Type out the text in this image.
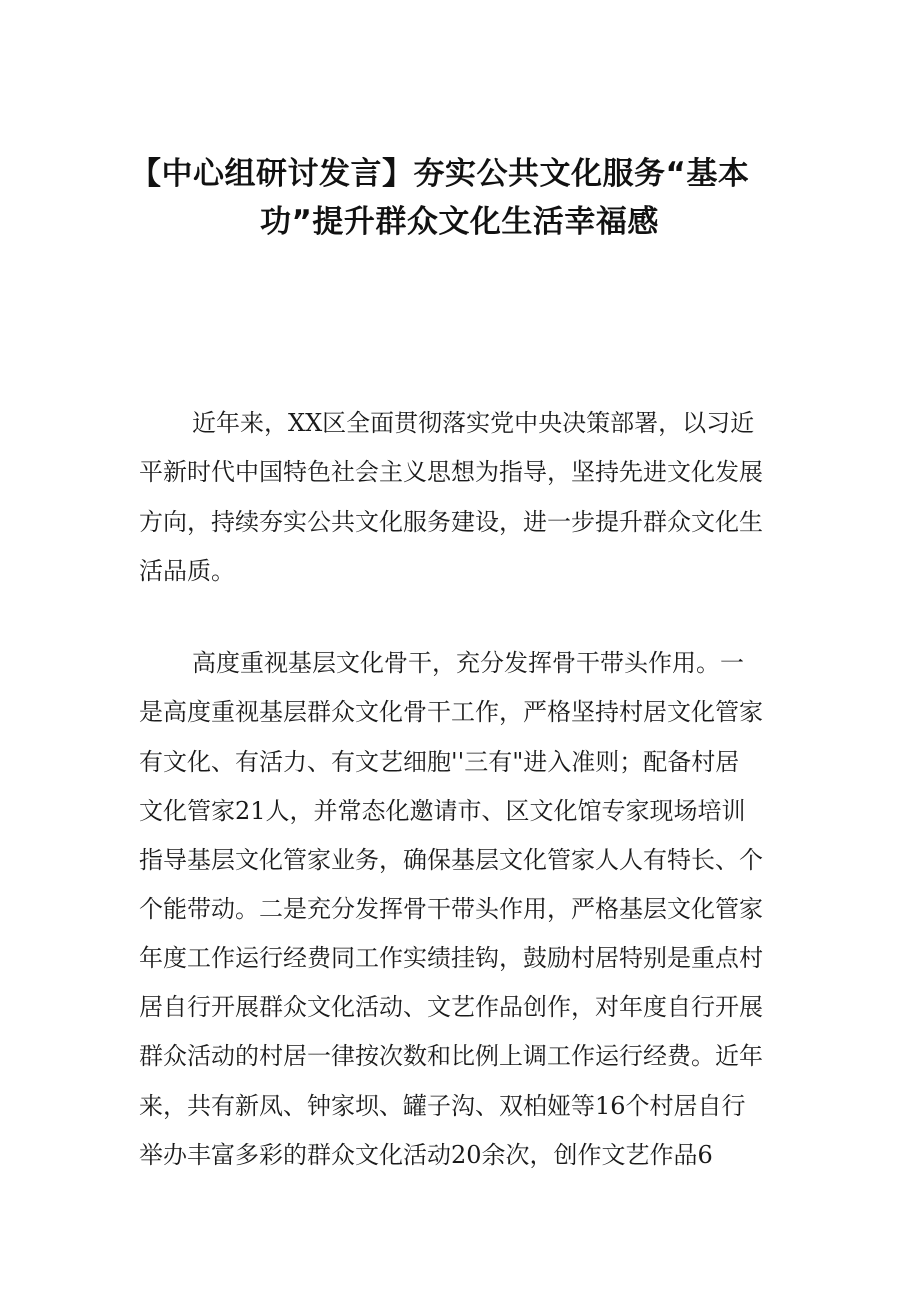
【中心组研讨发言】夯实公共文化服务“基本
功”提升群众文化生活幸福感

近年来，XX区全面贯彻落实党中央决策部署，以习近

平新时代中国特色社会主义思想为指导，坚持先进文化发展

方向，持续夯实公共文化服务建设，进一步提升群众文化生

活品质。

高度重视基层文化骨干，充分发挥骨干带头作用。一

是高度重视基层群众文化骨干工作，严格坚持村居文化管家

有文化、有活力、有文艺细胞''三有"进入准则；配备村居

文化管家21人，并常态化邀请市、区文化馆专家现场培训

指导基层文化管家业务，确保基层文化管家人人有特长、个

个能带动。二是充分发挥骨干带头作用，严格基层文化管家

年度工作运行经费同工作实绩挂钩，鼓励村居特别是重点村

居自行开展群众文化活动、文艺作品创作，对年度自行开展

群众活动的村居一律按次数和比例上调工作运行经费。近年

来，共有新凤、钟家坝、罐子沟、双柏娅等16个村居自行

举办丰富多彩的群众文化活动20余次，创作文艺作品6
